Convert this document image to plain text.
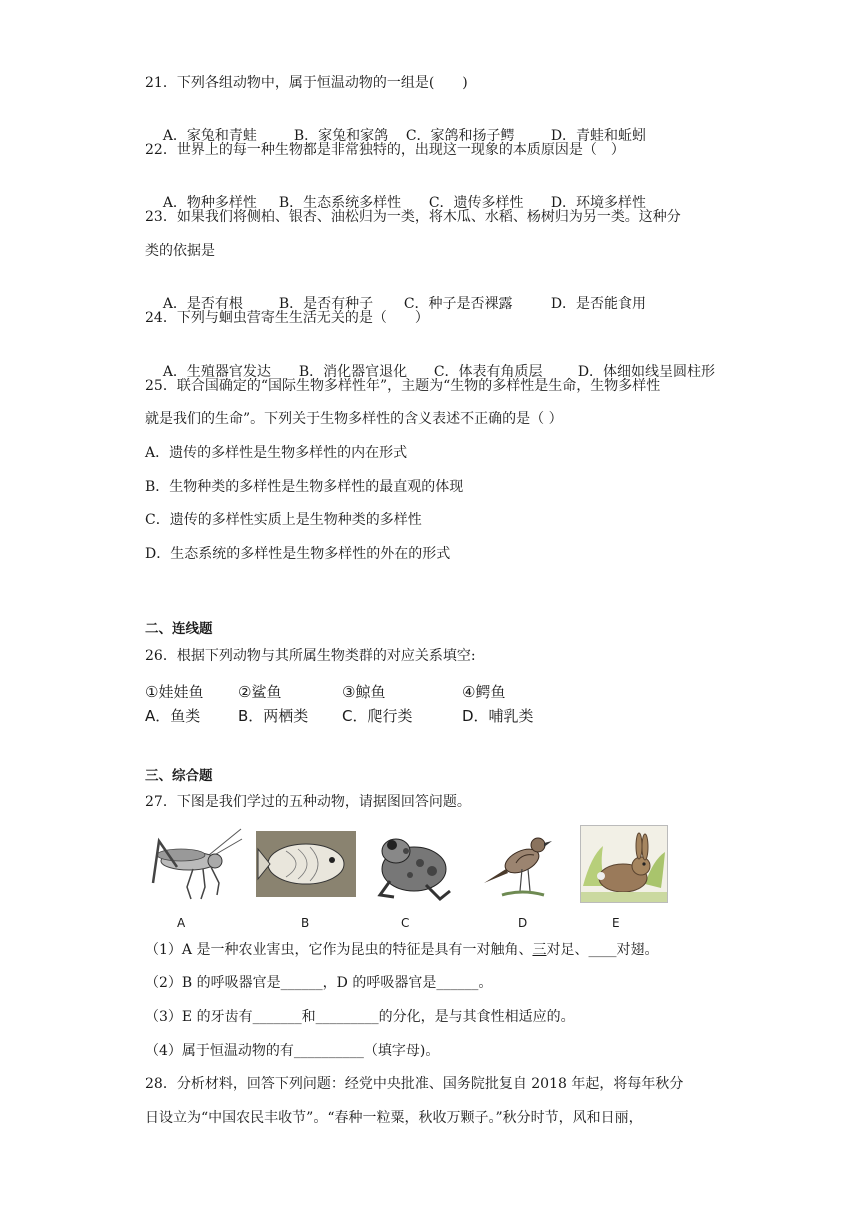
21．下列各组动物中，属于恒温动物的一组是(　　)

A．家兔和青蛙	B．家兔和家鸽 C．家鸽和扬子鳄	D．青蛙和蚯蚓

22．世界上的每一种生物都是非常独特的，出现这一现象的本质原因是（　）

A．物种多样性 B．生态系统多样性 C．遗传多样性 D．环境多样性

23．如果我们将侧柏、银杏、油松归为一类，将木瓜、水稻、杨树归为另一类。这种分
类的依据是

A．是否有根	B．是否有种子 C．种子是否裸露	D．是否能食用

24．下列与蛔虫营寄生生活无关的是（　　）

A．生殖器官发达 B．消化器官退化 C．体表有角质层	D．体细如线呈圆柱形

25．联合国确定的“国际生物多样性年”，主题为“生物的多样性是生命，生物多样性
就是我们的生命”。下列关于生物多样性的含义表述不正确的是（ ）
A．遗传的多样性是生物多样性的内在形式
B．生物种类的多样性是生物多样性的最直观的体现
C．遗传的多样性实质上是生物种类的多样性
D．生态系统的多样性是生物多样性的外在的形式
二、连线题
26．根据下列动物与其所属生物类群的对应关系填空:
①娃娃鱼 ②鲨鱼	③鲸鱼	④鳄鱼
A．鱼类	B．两栖类 C．爬行类	D．哺乳类
三、综合题
27．下图是我们学过的五种动物，请据图回答问题。
A	B	C	D	E
（1）A 是一种农业害虫，它作为昆虫的特征是具有一对触角、三对足、____对翅。
（2）B 的呼吸器官是______，D 的呼吸器官是______。
（3）E 的牙齿有_______和_________的分化，是与其食性相适应的。
（4）属于恒温动物的有__________（填字母)。
28．分析材料，回答下列问题：经党中央批准、国务院批复自 2018 年起，将每年秋分
日设立为“中国农民丰收节”。“春种一粒粟，秋收万颗子。”秋分时节，风和日丽，
